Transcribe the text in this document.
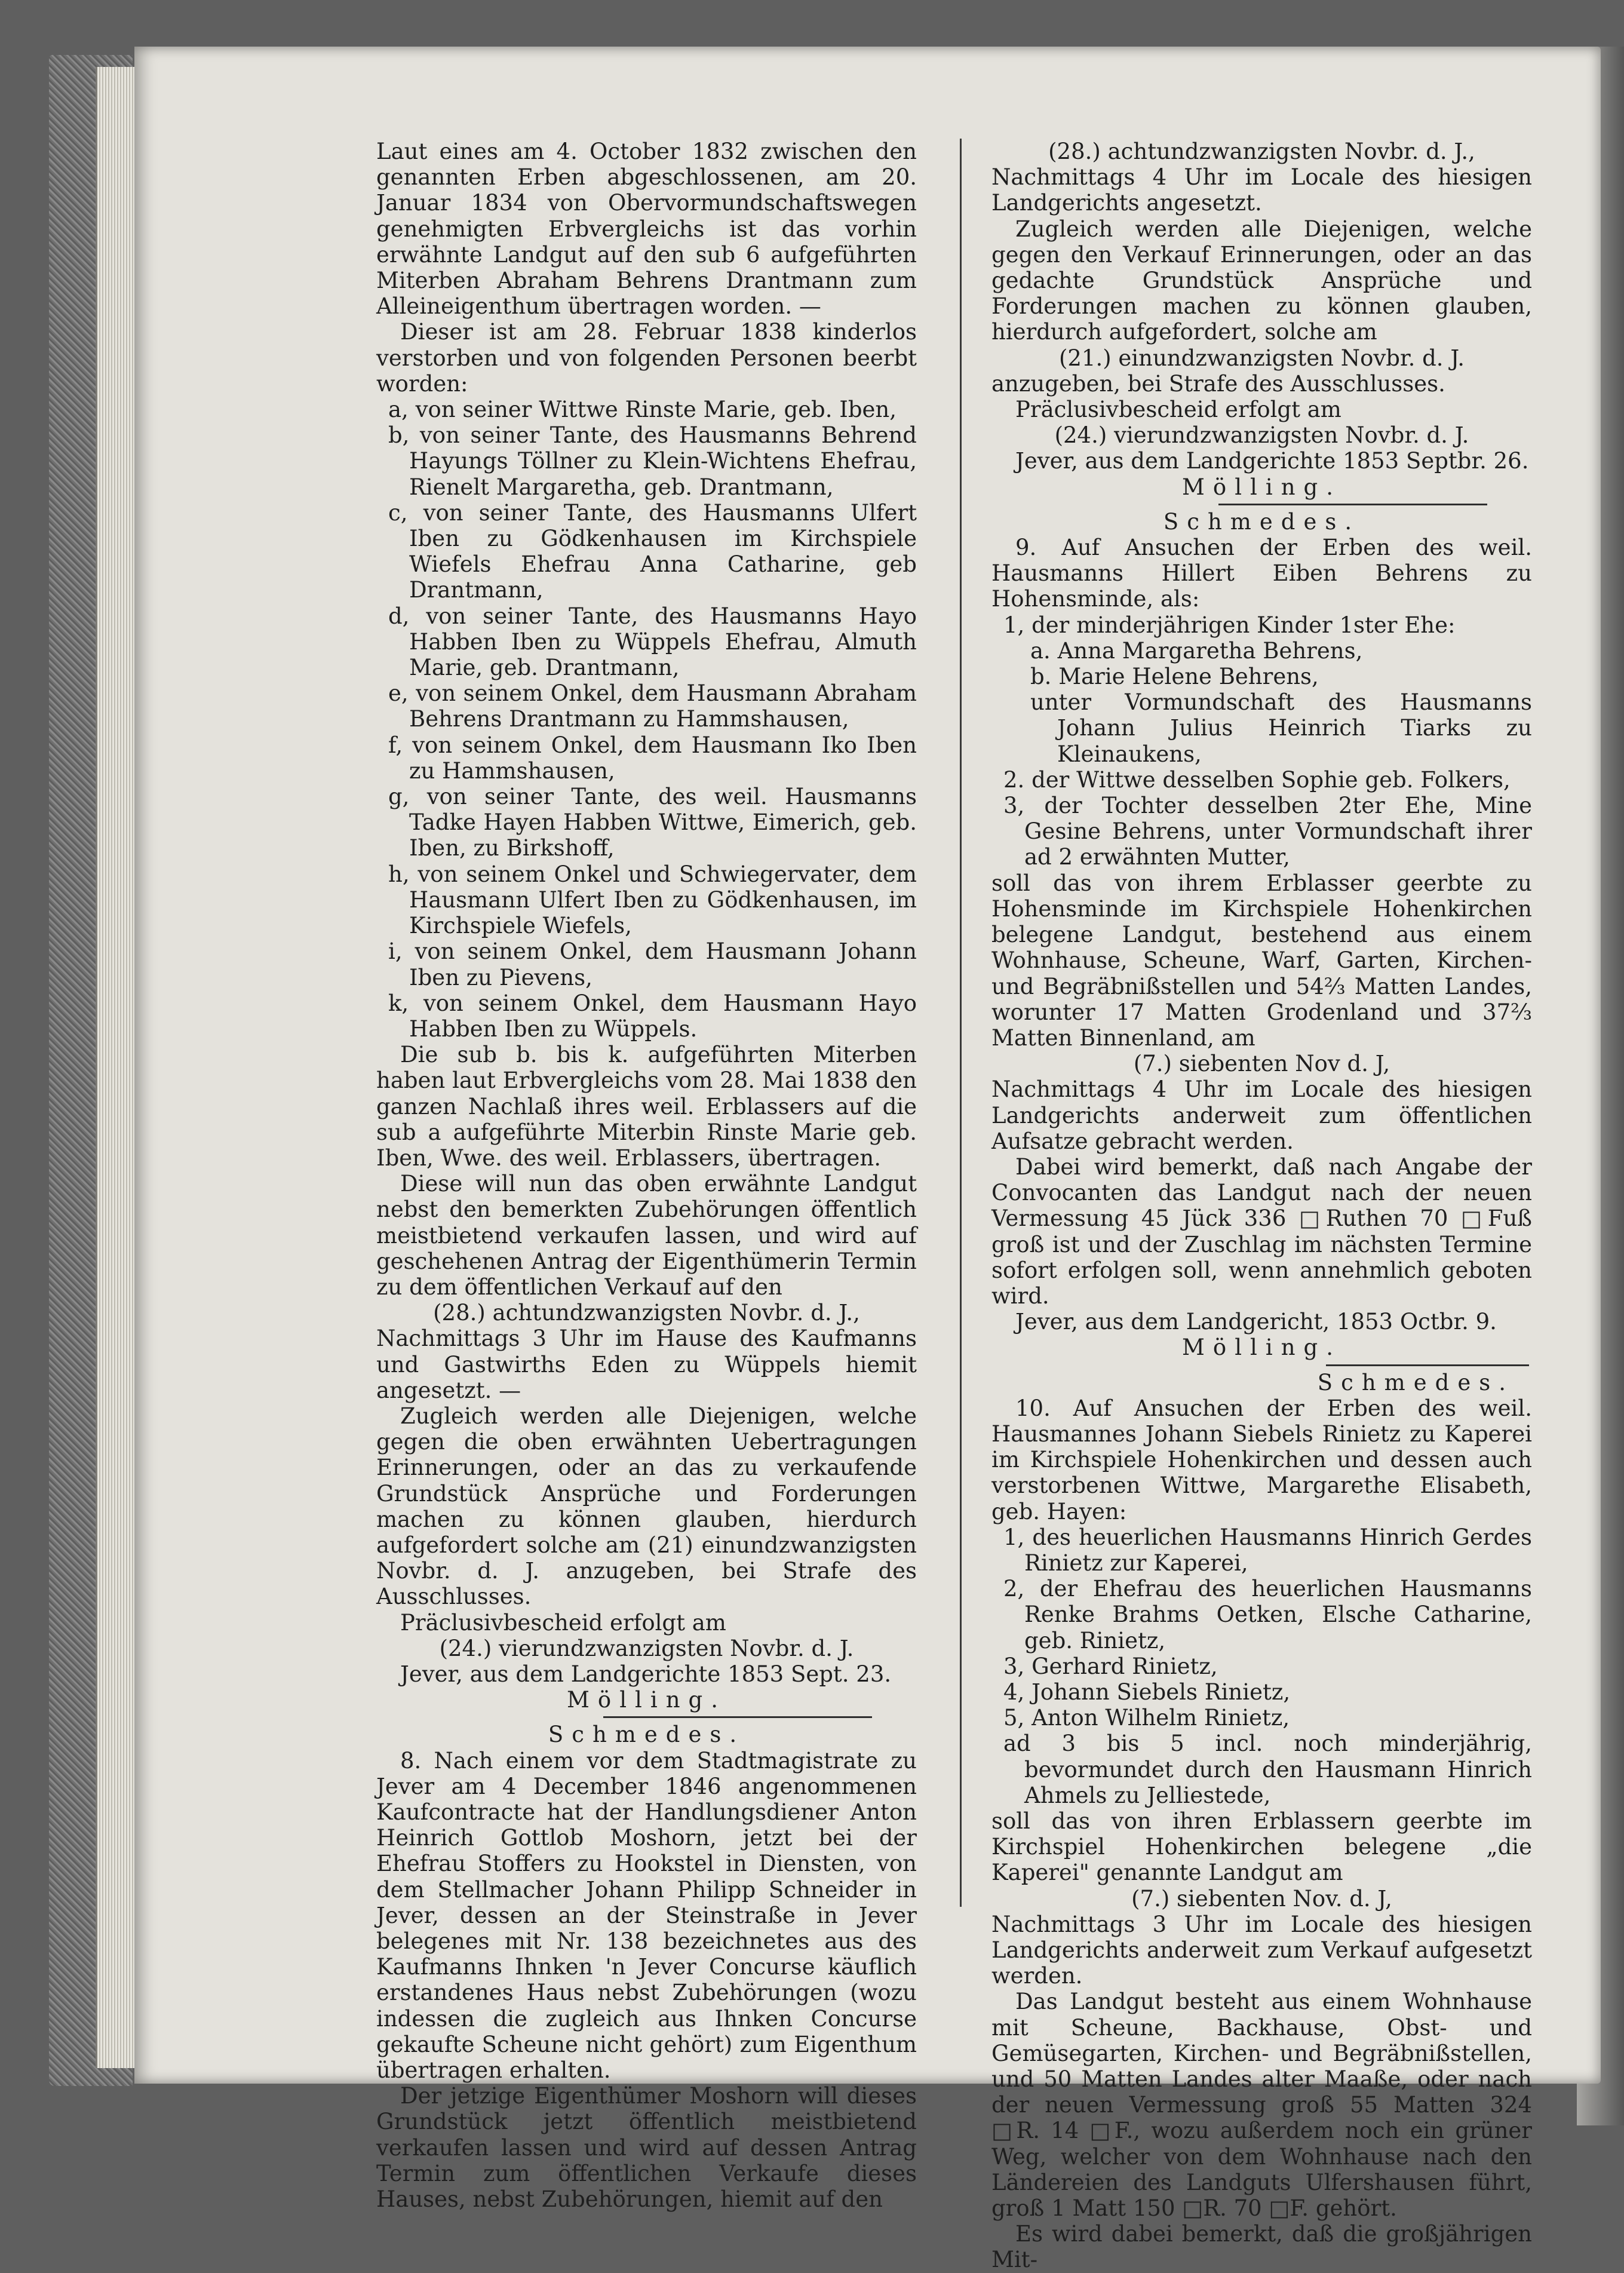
Laut eines am 4. October 1832 zwischen den genannten Erben abgeschlossenen, am 20. Januar 1834 von Obervormundschaftswegen genehmigten Erbvergleichs ist das vorhin erwähnte Landgut auf den sub 6 aufgeführten Miterben Abraham Behrens Drantmann zum Alleineigenthum übertragen worden. —

Dieser ist am 28. Februar 1838 kinderlos verstorben und von folgenden Personen beerbt worden:

a, von seiner Wittwe Rinste Marie, geb. Iben,

b, von seiner Tante, des Hausmanns Behrend Hayungs Töllner zu Klein-Wichtens Ehefrau, Rienelt Margaretha, geb. Drantmann,

c, von seiner Tante, des Hausmanns Ulfert Iben zu Gödkenhausen im Kirchspiele Wiefels Ehefrau Anna Catharine, geb Drantmann,

d, von seiner Tante, des Hausmanns Hayo Habben Iben zu Wüppels Ehefrau, Almuth Marie, geb. Drantmann,

e, von seinem Onkel, dem Hausmann Abraham Behrens Drantmann zu Hammshausen,

f, von seinem Onkel, dem Hausmann Iko Iben zu Hammshausen,

g, von seiner Tante, des weil. Hausmanns Tadke Hayen Habben Wittwe, Eimerich, geb. Iben, zu Birkshoff,

h, von seinem Onkel und Schwiegervater, dem Hausmann Ulfert Iben zu Gödkenhausen, im Kirchspiele Wiefels,

i, von seinem Onkel, dem Hausmann Johann Iben zu Pievens,

k, von seinem Onkel, dem Hausmann Hayo Habben Iben zu Wüppels.

Die sub b. bis k. aufgeführten Miterben haben laut Erbvergleichs vom 28. Mai 1838 den ganzen Nachlaß ihres weil. Erblassers auf die sub a aufgeführte Miterbin Rinste Marie geb. Iben, Wwe. des weil. Erblassers, übertragen.

Diese will nun das oben erwähnte Landgut nebst den bemerkten Zubehörungen öffentlich meistbietend verkaufen lassen, und wird auf geschehenen Antrag der Eigenthümerin Termin zu dem öffentlichen Verkauf auf den

(28.) achtundzwanzigsten Novbr. d. J.,

Nachmittags 3 Uhr im Hause des Kaufmanns und Gastwirths Eden zu Wüppels hiemit angesetzt. —

Zugleich werden alle Diejenigen, welche gegen die oben erwähnten Uebertragungen Erinnerungen, oder an das zu verkaufende Grundstück Ansprüche und Forderungen machen zu können glauben, hierdurch aufgefordert solche am (21) einundzwanzigsten Novbr. d. J. anzugeben, bei Strafe des Ausschlusses.

Präclusivbescheid erfolgt am

(24.) vierundzwanzigsten Novbr. d. J.

Jever, aus dem Landgerichte 1853 Sept. 23.

Mölling.

Schmedes.

8. Nach einem vor dem Stadtmagistrate zu Jever am 4 December 1846 angenommenen Kaufcontracte hat der Handlungsdiener Anton Heinrich Gottlob Moshorn, jetzt bei der Ehefrau Stoffers zu Hookstel in Diensten, von dem Stellmacher Johann Philipp Schneider in Jever, dessen an der Steinstraße in Jever belegenes mit Nr. 138 bezeichnetes aus des Kaufmanns Ihnken 'n Jever Concurse käuflich erstandenes Haus nebst Zubehörungen (wozu indessen die zugleich aus Ihnken Concurse gekaufte Scheune nicht gehört) zum Eigenthum übertragen erhalten.

Der jetzige Eigenthümer Moshorn will dieses Grundstück jetzt öffentlich meistbietend verkaufen lassen und wird auf dessen Antrag Termin zum öffentlichen Verkaufe dieses Hauses, nebst Zubehörungen, hiemit auf den

(28.) achtundzwanzigsten Novbr. d. J.,

Nachmittags 4 Uhr im Locale des hiesigen Landgerichts angesetzt.

Zugleich werden alle Diejenigen, welche gegen den Verkauf Erinnerungen, oder an das gedachte Grundstück Ansprüche und Forderungen machen zu können glauben, hierdurch aufgefordert, solche am

(21.) einundzwanzigsten Novbr. d. J.

anzugeben, bei Strafe des Ausschlusses.

Präclusivbescheid erfolgt am

(24.) vierundzwanzigsten Novbr. d. J.

Jever, aus dem Landgerichte 1853 Septbr. 26.

Mölling.

Schmedes.

9. Auf Ansuchen der Erben des weil. Hausmanns Hillert Eiben Behrens zu Hohensminde, als:

1, der minderjährigen Kinder 1ster Ehe:

a. Anna Margaretha Behrens,

b. Marie Helene Behrens,

unter Vormundschaft des Hausmanns Johann Julius Heinrich Tiarks zu Kleinaukens,

2. der Wittwe desselben Sophie geb. Folkers,

3, der Tochter desselben 2ter Ehe, Mine Gesine Behrens, unter Vormundschaft ihrer ad 2 erwähnten Mutter,

soll das von ihrem Erblasser geerbte zu Hohensminde im Kirchspiele Hohenkirchen belegene Landgut, bestehend aus einem Wohnhause, Scheune, Warf, Garten, Kirchen- und Begräbnißstellen und 54⅔ Matten Landes, worunter 17 Matten Grodenland und 37⅔ Matten Binnenland, am

(7.) siebenten Nov d. J,

Nachmittags 4 Uhr im Locale des hiesigen Landgerichts anderweit zum öffentlichen Aufsatze gebracht werden.

Dabei wird bemerkt, daß nach Angabe der Convocanten das Landgut nach der neuen Vermessung 45 Jück 336 □Ruthen 70 □Fuß groß ist und der Zuschlag im nächsten Termine sofort erfolgen soll, wenn annehmlich geboten wird.

Jever, aus dem Landgericht, 1853 Octbr. 9.

Mölling.

Schmedes.

10. Auf Ansuchen der Erben des weil. Hausmannes Johann Siebels Rinietz zu Kaperei im Kirchspiele Hohenkirchen und dessen auch verstorbenen Wittwe, Margarethe Elisabeth, geb. Hayen:

1, des heuerlichen Hausmanns Hinrich Gerdes Rinietz zur Kaperei,

2, der Ehefrau des heuerlichen Hausmanns Renke Brahms Oetken, Elsche Catharine, geb. Rinietz,

3, Gerhard Rinietz,

4, Johann Siebels Rinietz,

5, Anton Wilhelm Rinietz,

ad 3 bis 5 incl. noch minderjährig, bevormundet durch den Hausmann Hinrich Ahmels zu Jelliestede,

soll das von ihren Erblassern geerbte im Kirchspiel Hohenkirchen belegene „die Kaperei" genannte Landgut am

(7.) siebenten Nov. d. J,

Nachmittags 3 Uhr im Locale des hiesigen Landgerichts anderweit zum Verkauf aufgesetzt werden.

Das Landgut besteht aus einem Wohnhause mit Scheune, Backhause, Obst- und Gemüsegarten, Kirchen- und Begräbnißstellen, und 50 Matten Landes alter Maaße, oder nach der neuen Vermessung groß 55 Matten 324 □R. 14 □F., wozu außerdem noch ein grüner Weg, welcher von dem Wohnhause nach den Ländereien des Landguts Ulfershausen führt, groß 1 Matt 150 □R. 70 □F. gehört.

Es wird dabei bemerkt, daß die großjährigen Mit-
